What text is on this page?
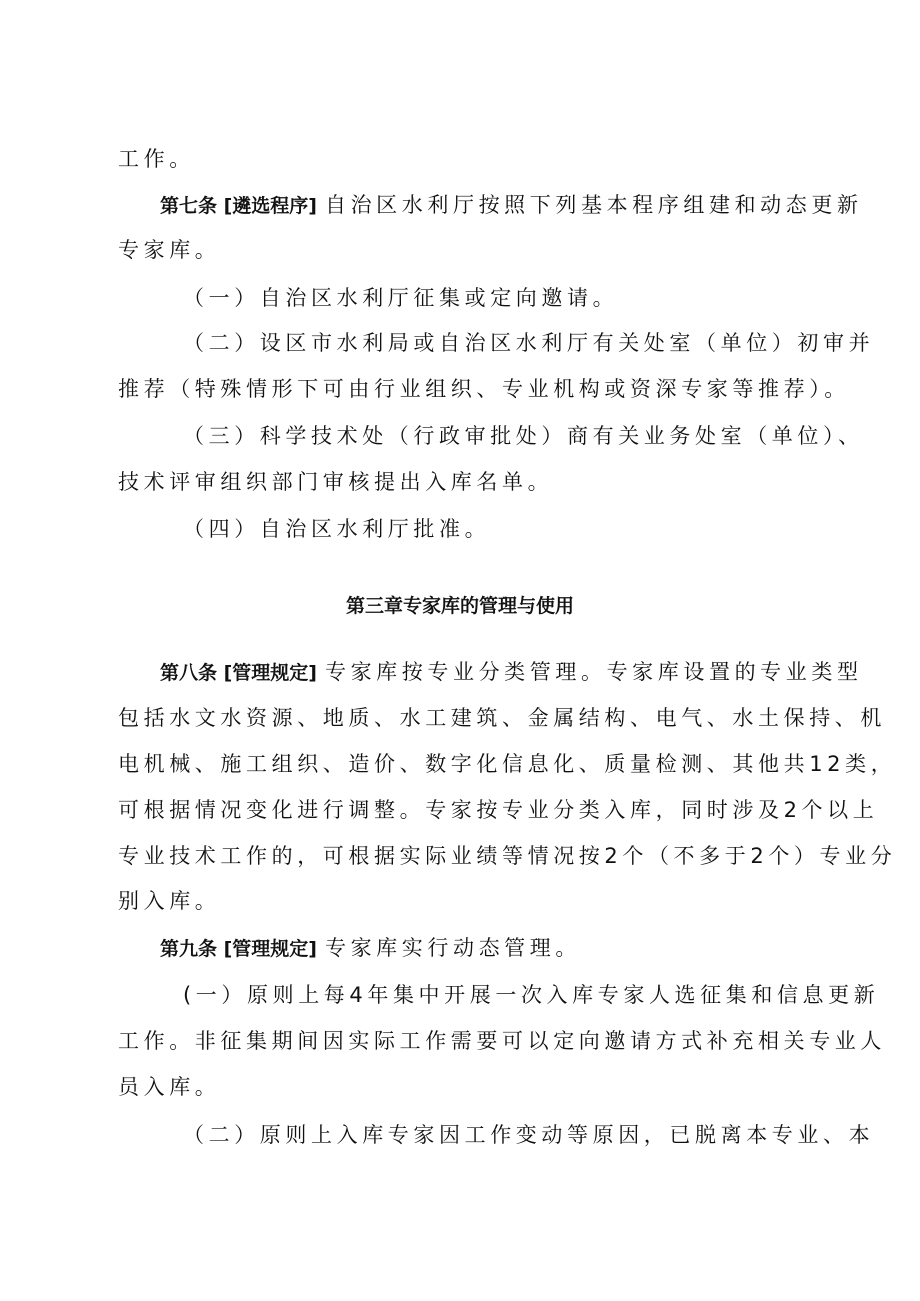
工作。
第七条 [遴选程序] 自治区水利厅按照下列基本程序组建和动态更新
专家库。
（一）自治区水利厅征集或定向邀请。
（二）设区市水利局或自治区水利厅有关处室（单位）初审并
推荐（特殊情形下可由行业组织、专业机构或资深专家等推荐）。
（三）科学技术处（行政审批处）商有关业务处室（单位）、
技术评审组织部门审核提出入库名单。
（四）自治区水利厅批准。
第三章专家库的管理与使用
第八条 [管理规定] 专家库按专业分类管理。专家库设置的专业类型
包括水文水资源、地质、水工建筑、金属结构、电气、水土保持、机
电机械、施工组织、造价、数字化信息化、质量检测、其他共12类，
可根据情况变化进行调整。专家按专业分类入库，同时涉及2个以上
专业技术工作的，可根据实际业绩等情况按2个（不多于2个）专业分
别入库。
第九条 [管理规定] 专家库实行动态管理。
(一）原则上每4年集中开展一次入库专家人选征集和信息更新
工作。非征集期间因实际工作需要可以定向邀请方式补充相关专业人
员入库。
（二）原则上入库专家因工作变动等原因，已脱离本专业、本
